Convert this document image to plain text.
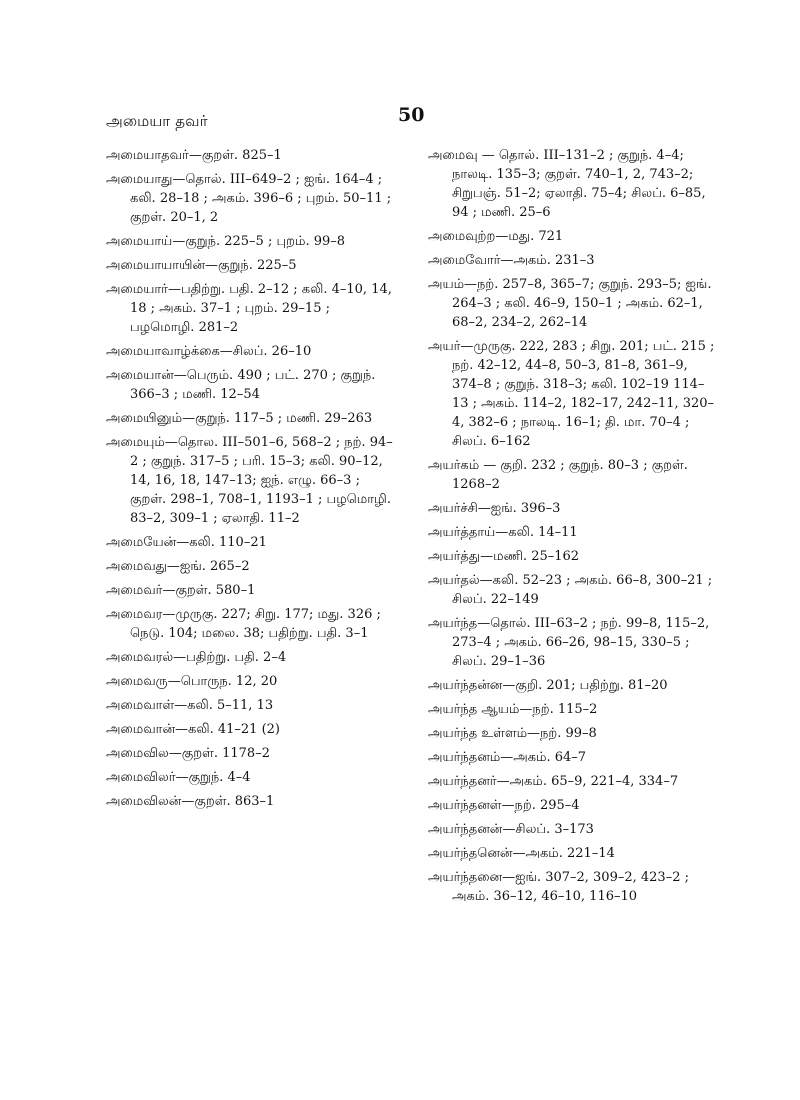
அமையா தவர்	50
அமையாதவர்—குறள். 825–1
அமையாது—தொல். III–649–2 ; ஐங். 164–4 ; கலி. 28–18 ; அகம். 396–6 ; புறம். 50–11 ; குறள். 20–1, 2
அமையாய்—குறுந். 225–5 ; புறம். 99–8
அமையாயாயின்—குறுந். 225–5
அமையார்—பதிற்று. பதி. 2–12 ; கலி. 4–10, 14, 18 ; அகம். 37–1 ; புறம். 29–15 ; பழமொழி. 281–2
அமையாவாழ்க்கை—சிலப். 26–10
அமையான்—பெரும். 490 ; பட். 270 ; குறுந். 366–3 ; மணி. 12–54
அமையினும்—குறுந். 117–5 ; மணி. 29–263
அமையும்—தொல. III–501–6, 568–2 ; நற். 94–2 ; குறுந். 317–5 ; பரி. 15–3; கலி. 90–12, 14, 16, 18, 147–13; ஐந். எழு. 66–3 ; குறள். 298–1, 708–1, 1193–1 ; பழமொழி. 83–2, 309–1 ; ஏலாதி. 11–2
அமையேன்—கலி. 110–21
அமைவது—ஐங். 265–2
அமைவர்—குறள். 580–1
அமைவர—முருகு. 227; சிறு. 177; மது. 326 ; நெடு. 104; மலை. 38; பதிற்று. பதி. 3–1
அமைவரல்—பதிற்று. பதி. 2–4
அமைவரு—பொருந. 12, 20
அமைவாள்—கலி. 5–11, 13
அமைவான்—கலி. 41–21 (2)
அமைவில—குறள். 1178–2
அமைவிலர்—குறுந். 4–4
அமைவிலன்—குறள். 863–1
அமைவு — தொல். III–131–2 ; குறுந். 4–4; நாலடி. 135–3; குறள். 740–1, 2, 743–2; சிறுபஞ். 51–2; ஏலாதி. 75–4; சிலப். 6–85, 94 ; மணி. 25–6
அமைவுற்ற—மது. 721
அமைவோர்—அகம். 231–3
அயம்—நற். 257–8, 365–7; குறுந். 293–5; ஐங். 264–3 ; கலி. 46–9, 150–1 ; அகம். 62–1, 68–2, 234–2, 262–14
அயர்—முருகு. 222, 283 ; சிறு. 201; பட். 215 ; நற். 42–12, 44–8, 50–3, 81–8, 361–9, 374–8 ; குறுந். 318–3; கலி. 102–19 114–13 ; அகம். 114–2, 182–17, 242–11, 320–4, 382–6 ; நாலடி. 16–1; தி. மா. 70–4 ; சிலப். 6–162
அயர்கம் — குறி. 232 ; குறுந். 80–3 ; குறள். 1268–2
அயர்ச்சி—ஐங். 396–3
அயர்த்தாய்—கலி. 14–11
அயர்த்து—மணி. 25–162
அயர்தல்—கலி. 52–23 ; அகம். 66–8, 300–21 ; சிலப். 22–149
அயர்ந்த—தொல். III–63–2 ; நற். 99–8, 115–2, 273–4 ; அகம். 66–26, 98–15, 330–5 ; சிலப். 29–1–36
அயர்ந்தன்ன—குறி. 201; பதிற்று. 81–20
அயர்ந்த ஆயம்—நற். 115–2
அயர்ந்த உள்ளம்—நற். 99–8
அயர்ந்தனம்—அகம். 64–7
அயர்ந்தனர்—அகம். 65–9, 221–4, 334–7
அயர்ந்தனள்—நற். 295–4
அயர்ந்தனன்—சிலப். 3–173
அயர்ந்தனென்—அகம். 221–14
அயர்ந்தனை—ஐங். 307–2, 309–2, 423–2 ; அகம். 36–12, 46–10, 116–10
